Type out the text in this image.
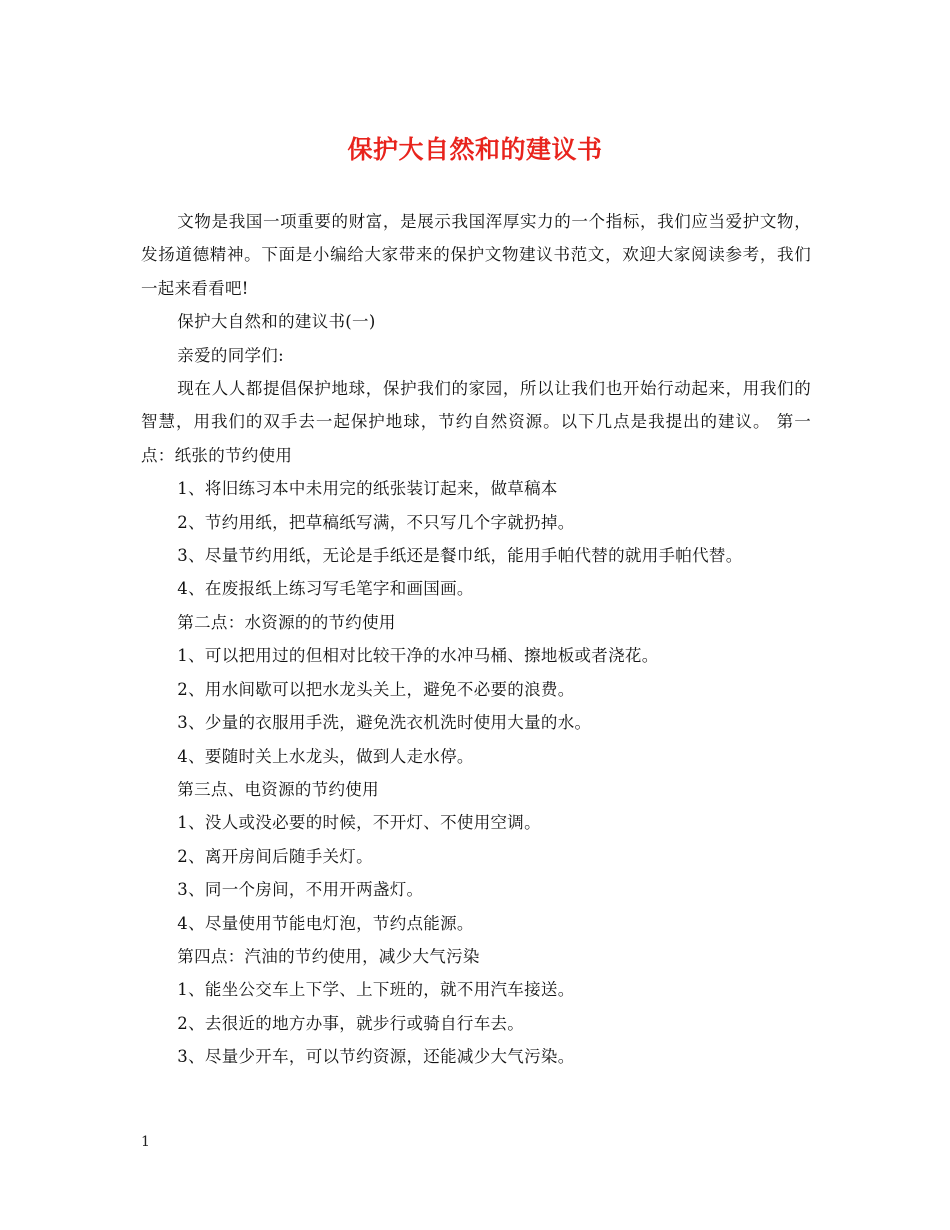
保护大自然和的建议书

文物是我国一项重要的财富，是展示我国浑厚实力的一个指标，我们应当爱护文物，发扬道德精神。下面是小编给大家带来的保护文物建议书范文，欢迎大家阅读参考，我们一起来看看吧!

保护大自然和的建议书(一)

亲爱的同学们:

现在人人都提倡保护地球，保护我们的家园，所以让我们也开始行动起来，用我们的智慧，用我们的双手去一起保护地球，节约自然资源。以下几点是我提出的建议。 第一点：纸张的节约使用

1、将旧练习本中未用完的纸张装订起来，做草稿本

2、节约用纸，把草稿纸写满，不只写几个字就扔掉。

3、尽量节约用纸，无论是手纸还是餐巾纸，能用手帕代替的就用手帕代替。

4、在废报纸上练习写毛笔字和画国画。

第二点：水资源的的节约使用

1、可以把用过的但相对比较干净的水冲马桶、擦地板或者浇花。

2、用水间歇可以把水龙头关上，避免不必要的浪费。

3、少量的衣服用手洗，避免洗衣机洗时使用大量的水。

4、要随时关上水龙头，做到人走水停。

第三点、电资源的节约使用

1、没人或没必要的时候，不开灯、不使用空调。

2、离开房间后随手关灯。

3、同一个房间，不用开两盏灯。

4、尽量使用节能电灯泡，节约点能源。

第四点：汽油的节约使用，减少大气污染

1、能坐公交车上下学、上下班的，就不用汽车接送。

2、去很近的地方办事，就步行或骑自行车去。

3、尽量少开车，可以节约资源，还能减少大气污染。

1
